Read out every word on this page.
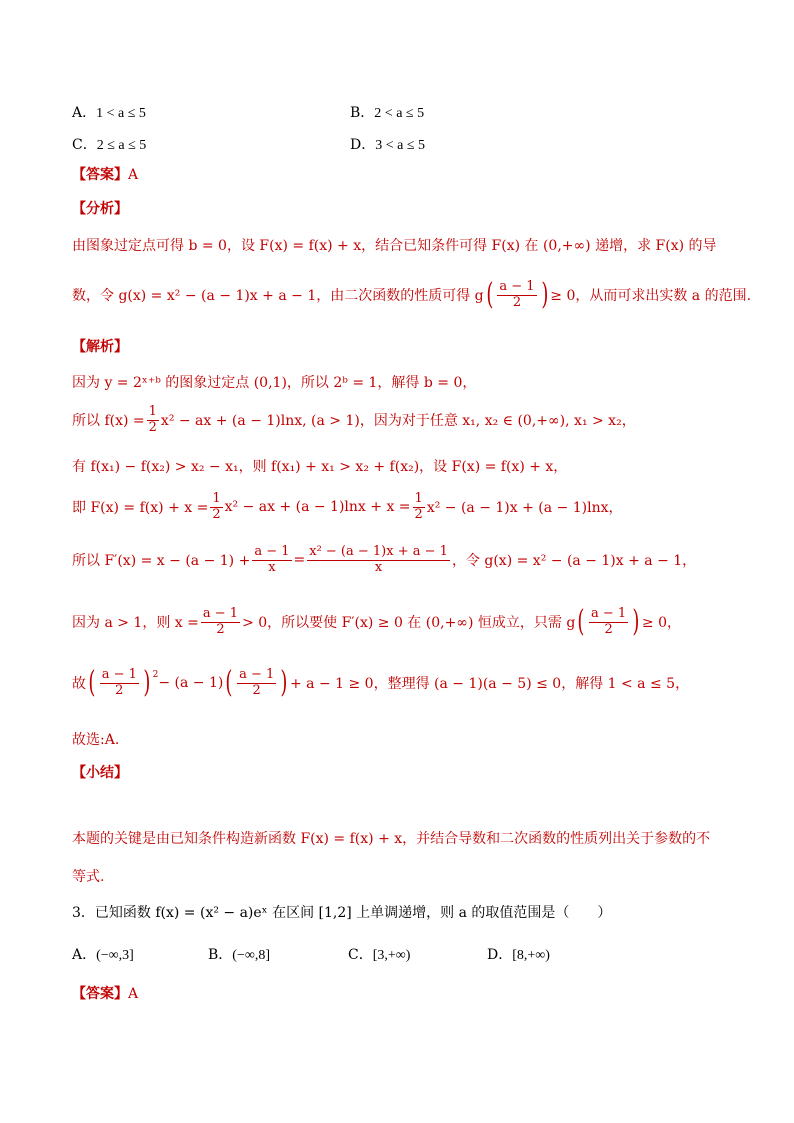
A．1 < a ≤ 5	B．2 < a ≤ 5
C．2 ≤ a ≤ 5	D．3 < a ≤ 5
【答案】A
【分析】
由图象过定点可得 b = 0，设 F(x) = f(x) + x，结合已知条件可得 F(x) 在 (0,+∞) 递增，求 F(x) 的导
数，令 g(x) = x² − (a − 1)x + a − 1，由二次函数的性质可得 g ( $\frac{a - 1}{2}$ ) ≥ 0，从而可求出实数 a 的范围.
【解析】
因为 y = 2ˣ⁺ᵇ 的图象过定点 (0,1)，所以 2ᵇ = 1，解得 b = 0，
所以 $f(x) = \frac{1}{2} x^2$ − ax + (a − 1)lnx, (a > 1)，因为对于任意 x₁, x₂ ∈ (0,+∞), x₁ > x₂，
有 f(x₁) − f(x₂) > x₂ − x₁，则 f(x₁) + x₁ > x₂ + f(x₂)，设 F(x) = f(x) + x，
即 $F(x) = f(x) + x = \frac{1}{2} x^2$ − ax + $(a - 1)\ln x + x = \frac{1}{2} x^2 - (a - 1)x + (a - 1)\ln x$，
所以 $F'(x) = x - (a - 1) + \frac{a - 1}{x} = \frac{\text{x² − (a − 1)x + a − 1}}{x}$ ，令 g(x) = x² − (a − 1)x + a − 1，
因为 a > 1，则 $x = \frac{a - 1}{2} > 0$，所以要使 F′(x) ≥ 0 在 (0,+∞) 恒成立，只需 g ( $\frac{a - 1}{2}$ ) ≥ 0，
故 ( $\frac{a - 1}{2}$ ) $^2$
− (a − 1) ( $\frac{a - 1}{2}$ ) + a − 1 ≥ 0，整理得 (a − 1)(a − 5) ≤ 0，解得 1 < a ≤ 5，
故选:A.
【小结】
本题的关键是由已知条件构造新函数 F(x) = f(x) + x，并结合导数和二次函数的性质列出关于参数的不
等式.
3．已知函数 f(x) = (x² − a)eˣ 在区间 [1,2] 上单调递增，则 a 的取值范围是（　　）
A．(−∞,3]	B．(−∞,8]	C．[3,+∞)	D．[8,+∞)
【答案】A
